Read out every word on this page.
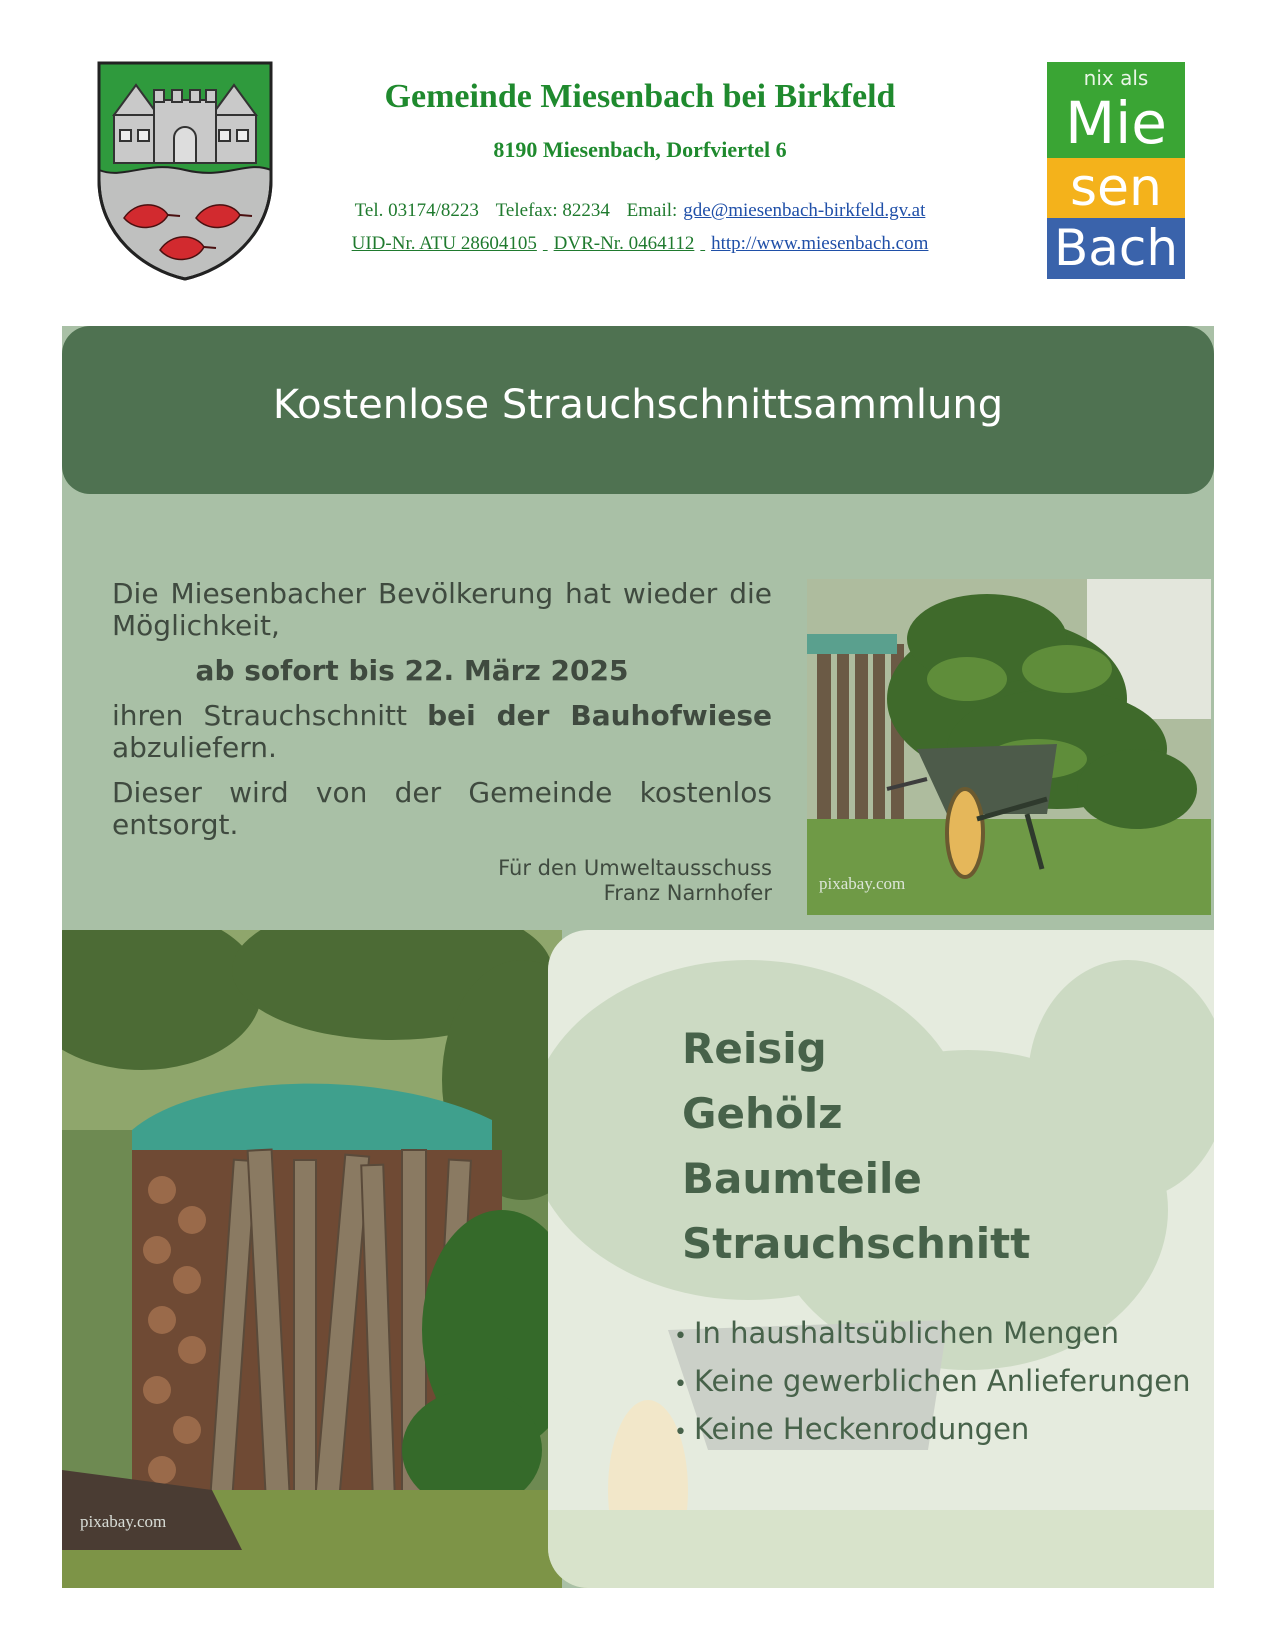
Gemeinde Miesenbach bei Birkfeld
8190 Miesenbach, Dorfviertel 6
Tel. 03174/8223 Telefax: 82234 Email: gde@miesenbach-birkfeld.gv.at
UID-Nr. ATU 28604105 DVR-Nr. 0464112 http://www.miesenbach.com
nix als
Mie
sen
Bach
Kostenlose Strauchschnittsammlung

Die Miesenbacher Bevölkerung hat wieder die Möglichkeit,

ab sofort bis 22. März 2025

ihren Strauchschnitt bei der Bauhofwiese abzuliefern.

Dieser wird von der Gemeinde kostenlos entsorgt.

Für den Umweltausschuss
Franz Narnhofer	pixabay.com
pixabay.com
Reisig
Gehölz
Baumteile
Strauchschnitt
• In haushaltsüblichen Mengen
• Keine gewerblichen Anlieferungen
• Keine Heckenrodungen
